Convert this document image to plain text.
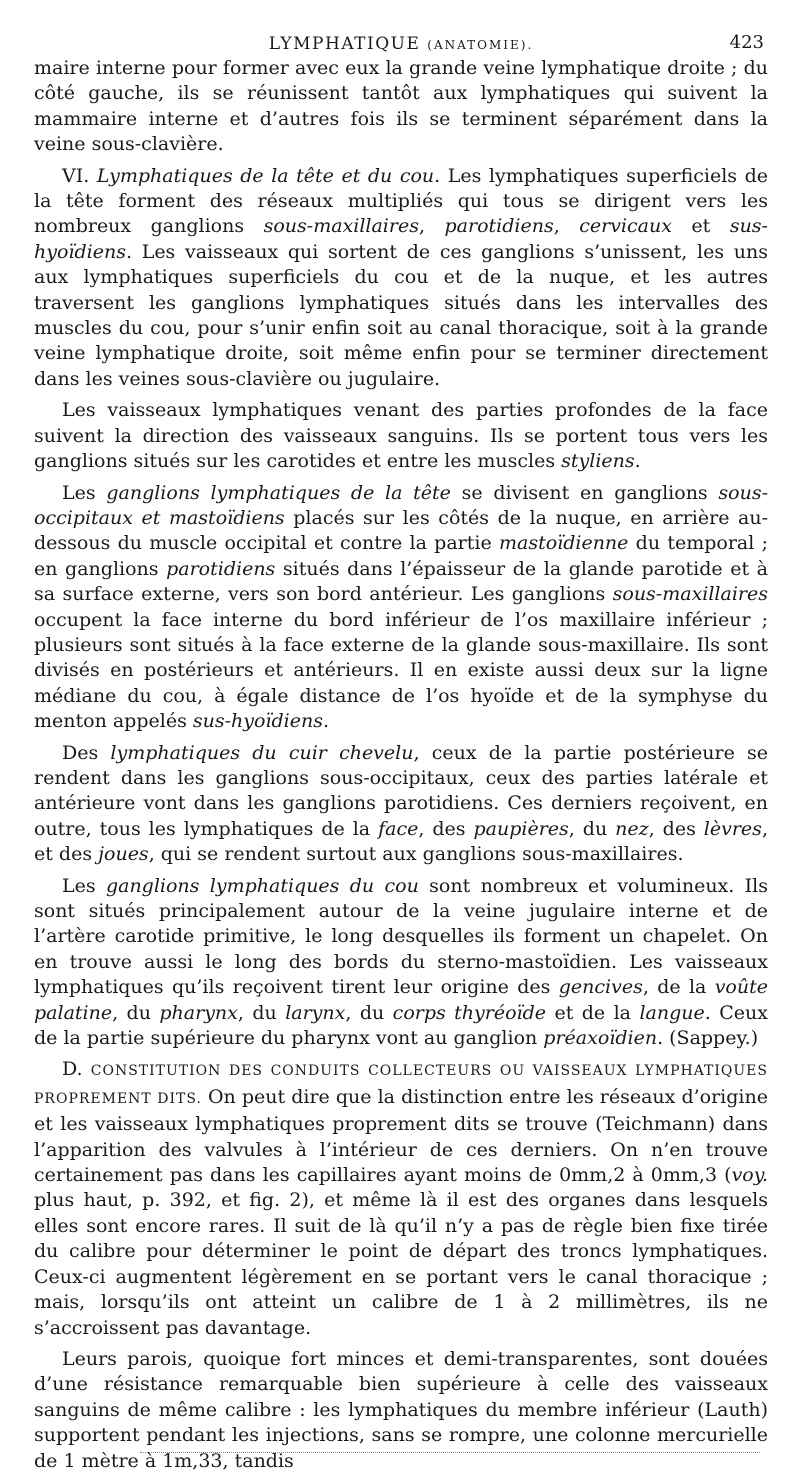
LYMPHATIQUE (ANATOMIE).	423

maire interne pour former avec eux la grande veine lymphatique droite ; du côté gauche, ils se réunissent tantôt aux lymphatiques qui suivent la mammaire interne et d’autres fois ils se terminent séparément dans la veine sous-clavière.

VI. Lymphatiques de la tête et du cou. Les lymphatiques superficiels de la tête forment des réseaux multipliés qui tous se dirigent vers les nombreux ganglions sous-maxillaires, parotidiens, cervicaux et sus-hyoïdiens. Les vaisseaux qui sortent de ces ganglions s’unissent, les uns aux lymphatiques superficiels du cou et de la nuque, et les autres traversent les ganglions lymphatiques situés dans les intervalles des muscles du cou, pour s’unir enfin soit au canal thoracique, soit à la grande veine lymphatique droite, soit même enfin pour se terminer directement dans les veines sous-clavière ou jugulaire.

Les vaisseaux lymphatiques venant des parties profondes de la face suivent la direction des vaisseaux sanguins. Ils se portent tous vers les ganglions situés sur les carotides et entre les muscles styliens.

Les ganglions lymphatiques de la tête se divisent en ganglions sous-occipitaux et mastoïdiens placés sur les côtés de la nuque, en arrière au-dessous du muscle occipital et contre la partie mastoïdienne du temporal ; en ganglions parotidiens situés dans l’épaisseur de la glande parotide et à sa surface externe, vers son bord antérieur. Les ganglions sous-maxillaires occupent la face interne du bord inférieur de l’os maxillaire inférieur ; plusieurs sont situés à la face externe de la glande sous-maxillaire. Ils sont divisés en postérieurs et antérieurs. Il en existe aussi deux sur la ligne médiane du cou, à égale distance de l’os hyoïde et de la symphyse du menton appelés sus-hyoïdiens.

Des lymphatiques du cuir chevelu, ceux de la partie postérieure se rendent dans les ganglions sous-occipitaux, ceux des parties latérale et antérieure vont dans les ganglions parotidiens. Ces derniers reçoivent, en outre, tous les lymphatiques de la face, des paupières, du nez, des lèvres, et des joues, qui se rendent surtout aux ganglions sous-maxillaires.

Les ganglions lymphatiques du cou sont nombreux et volumineux. Ils sont situés principalement autour de la veine jugulaire interne et de l’artère carotide primitive, le long desquelles ils forment un chapelet. On en trouve aussi le long des bords du sterno-mastoïdien. Les vaisseaux lymphatiques qu’ils reçoivent tirent leur origine des gencives, de la voûte palatine, du pharynx, du larynx, du corps thyréoïde et de la langue. Ceux de la partie supérieure du pharynx vont au ganglion préaxoïdien. (Sappey.)

D. CONSTITUTION DES CONDUITS COLLECTEURS OU VAISSEAUX LYMPHATIQUES PROPREMENT DITS. On peut dire que la distinction entre les réseaux d’origine et les vaisseaux lymphatiques proprement dits se trouve (Teichmann) dans l’apparition des valvules à l’intérieur de ces derniers. On n’en trouve certainement pas dans les capillaires ayant moins de 0mm,2 à 0mm,3 (voy. plus haut, p. 392, et fig. 2), et même là il est des organes dans lesquels elles sont encore rares. Il suit de là qu’il n’y a pas de règle bien fixe tirée du calibre pour déterminer le point de départ des troncs lymphatiques. Ceux-ci augmentent légèrement en se portant vers le canal thoracique ; mais, lorsqu’ils ont atteint un calibre de 1 à 2 millimètres, ils ne s’accroissent pas davantage.

Leurs parois, quoique fort minces et demi-transparentes, sont douées d’une résistance remarquable bien supérieure à celle des vaisseaux sanguins de même calibre : les lymphatiques du membre inférieur (Lauth) supportent pendant les injections, sans se rompre, une colonne mercurielle de 1 mètre à 1m,33, tandis
